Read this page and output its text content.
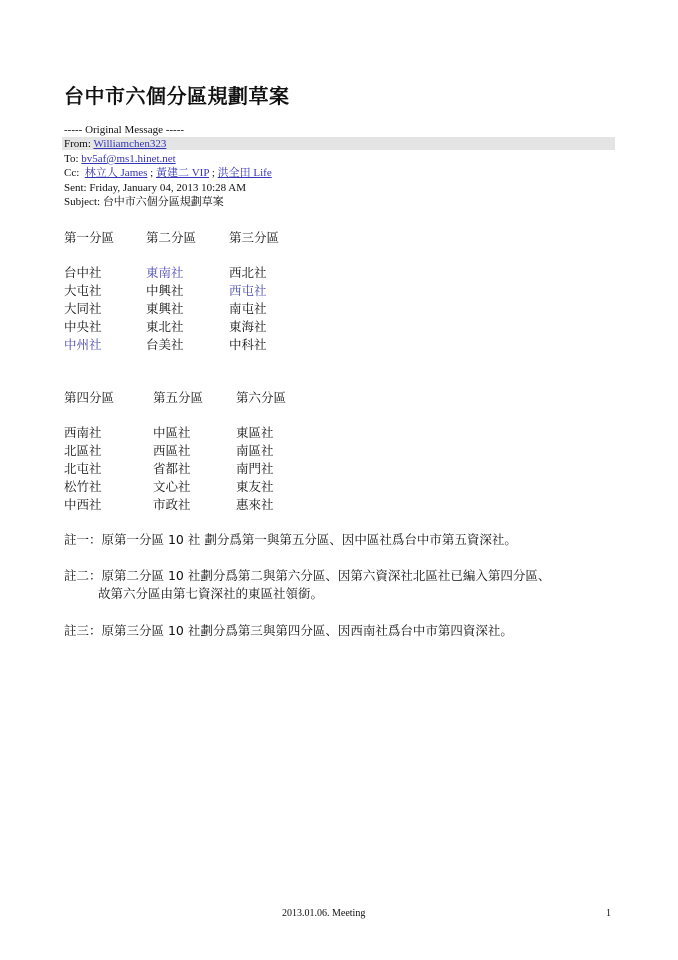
台中市六個分區規劃草案
----- Original Message -----
From: Williamchen323
To: bv5af@ms1.hinet.net
Cc: 林立人 James ; 黃建二 VIP ; 洪全田 Life
Sent: Friday, January 04, 2013 10:28 AM
Subject: 台中市六個分區規劃草案
第一分區	第二分區	第三分區
台中社	東南社	西北社
大屯社	中興社	西屯社
大同社	東興社	南屯社
中央社	東北社	東海社
中州社	台美社	中科社
第四分區	第五分區	第六分區
西南社	中區社	東區社
北區社	西區社	南區社
北屯社	省都社	南門社
松竹社	文心社	東友社
中西社	市政社	惠來社
註一：原第一分區 10 社 劃分爲第一與第五分區、因中區社爲台中市第五資深社。
註二：原第二分區 10 社劃分爲第二與第六分區、因第六資深社北區社已編入第四分區、
故第六分區由第七資深社的東區社領銜。
註三：原第三分區 10 社劃分爲第三與第四分區、因西南社爲台中市第四資深社。
2013.01.06. Meeting	1
